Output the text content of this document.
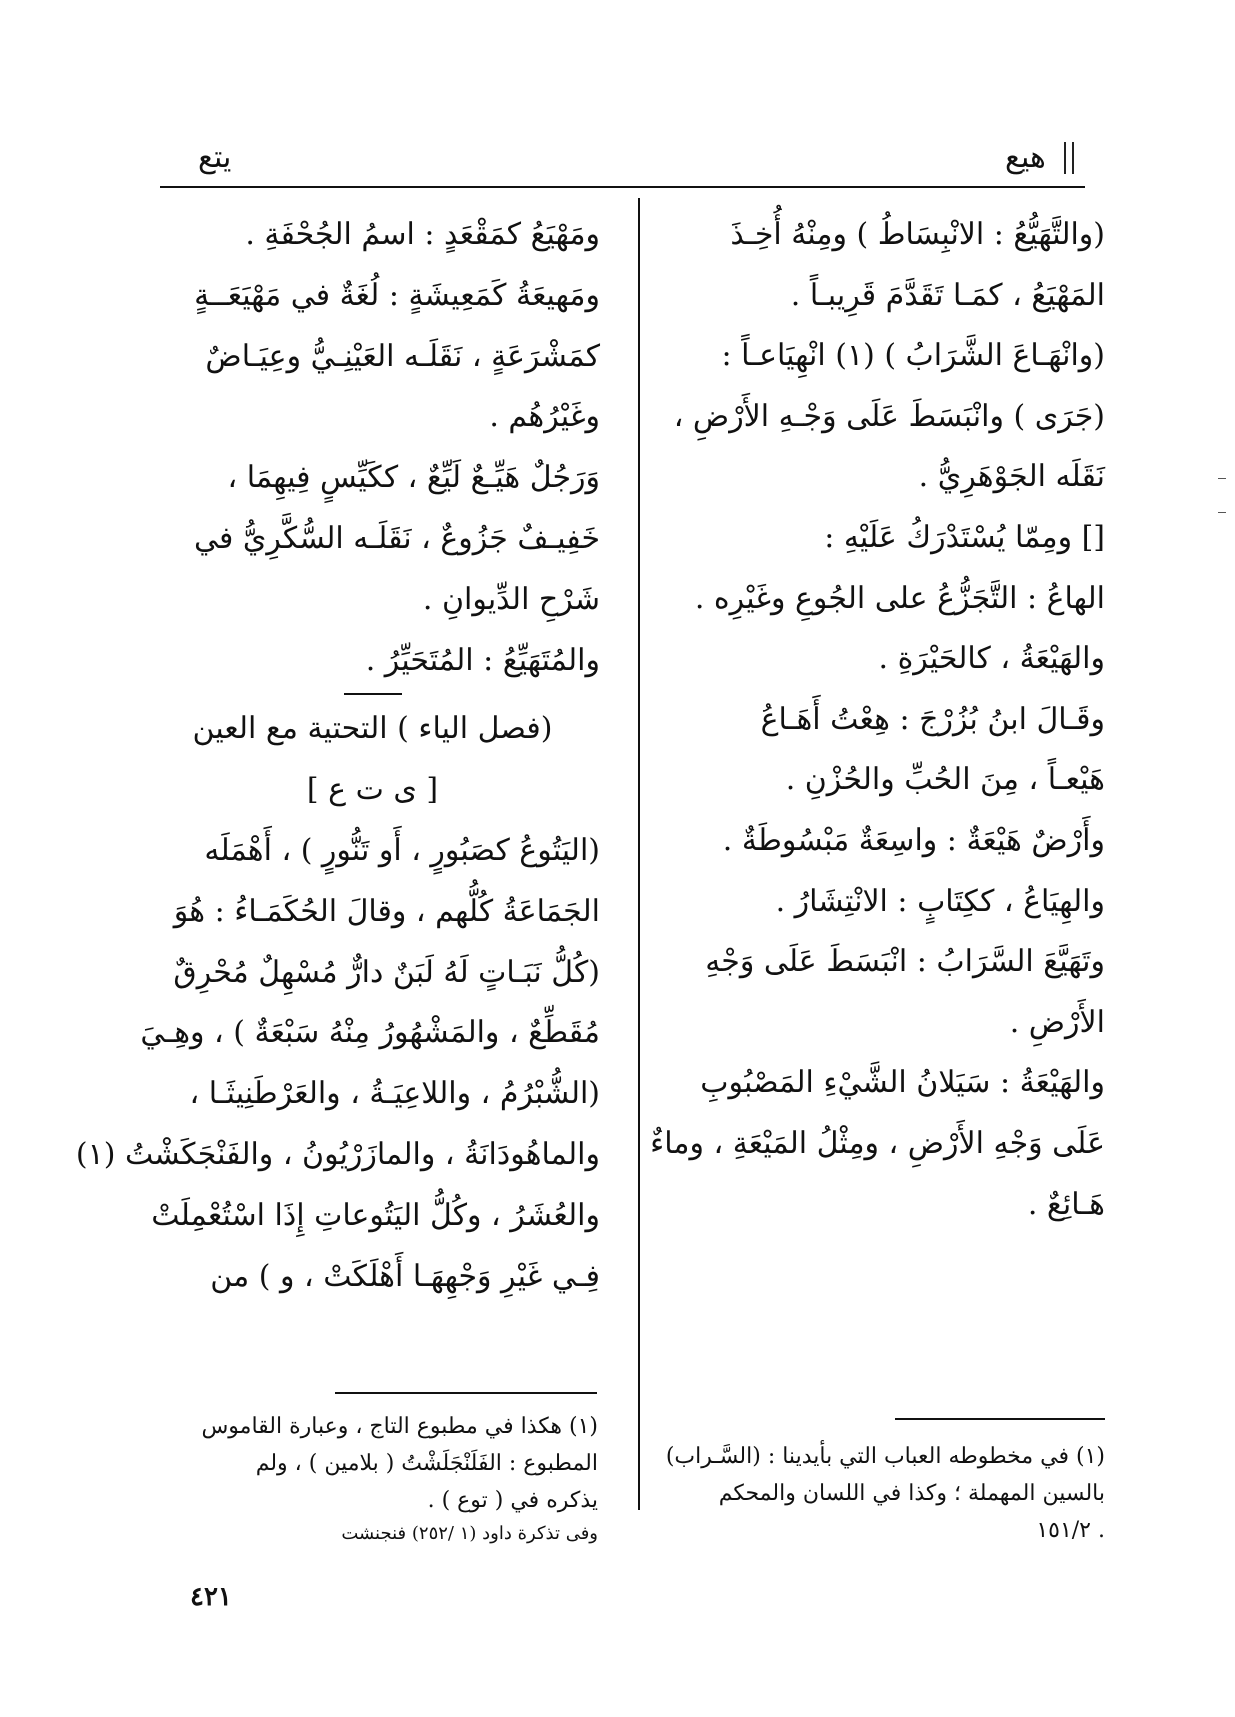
يتع	هيع
(والتَّهَيُّعُ : الانْبِسَاطُ ) ومِنْهُ أُخِـذَ
المَهْيَعُ ، كمَـا تَقَدَّمَ قَرِيبـاً .
(وانْهَـاعَ الشَّرَابُ ) (١) انْهِيَاعـاً :
(جَرَى ) وانْبَسَطَ عَلَى وَجْـهِ الأَرْضِ ،
نَقَلَه الجَوْهَرِيُّ .
[] ومِمّا يُسْتَدْرَكُ عَلَيْهِ :
الهاعُ : التَّجَزُّعُ على الجُوعِ وغَيْرِه .
والهَيْعَةُ ، كالحَيْرَةِ .
وقَـالَ ابنُ بُزُرْجَ : هِعْتُ أَهَـاعُ
هَيْعـاً ، مِنَ الحُبِّ والحُزْنِ .
وأَرْضٌ هَيْعَةٌ : واسِعَةٌ مَبْسُوطَةٌ .
والهِيَاعُ ، ككِتَابٍ : الانْتِشَارُ .
وتَهَيَّعَ السَّرَابُ : انْبَسَطَ عَلَى وَجْهِ
الأَرْضِ .
والهَيْعَةُ : سَيَلانُ الشَّيْءِ المَصْبُوبِ
عَلَى وَجْهِ الأَرْضِ ، ومِثْلُ المَيْعَةِ ، وماءٌ
هَـائِعٌ .
(١) في مخطوطه العباب التي بأيدينا : (السَّـراب)
بالسين المهملة ؛ وكذا في اللسان والمحكم
. ١٥١/٢
ومَهْيَعُ كمَقْعَدٍ : اسمُ الجُحْفَةِ .
ومَهيعَةُ كَمَعِيشَةٍ : لُغَةٌ في مَهْيَعَــةٍ
كمَشْرَعَةٍ ، نَقَلَـه العَيْنِـيُّ وعِيَـاضٌ
وغَيْرُهُم .
وَرَجُلٌ هَيِّـعٌ لَيِّعٌ ، ككَيِّسٍ فِيهِمَا ،
خَفِيـفٌ جَزُوعٌ ، نَقَلَـه السُّكَّرِيُّ في
شَرْحِ الدِّيوانِ .
والمُتَهَيِّعُ : المُتَحَيِّرُ .
(فصل الياء ) التحتية مع العين
[ ى ت ع ]
(اليَتُوعُ كصَبُورٍ ، أَو تَنُّورٍ ) ، أَهْمَلَه
الجَمَاعَةُ كُلُّهم ، وقالَ الحُكَمَـاءُ : هُوَ
(كُلُّ نَبَـاتٍ لَهُ لَبَنٌ دارٌّ مُسْهِلٌ مُحْرِقٌ
مُقَطِّعٌ ، والمَشْهُورُ مِنْهُ سَبْعَةٌ ) ، وهِـيَ
(الشُّبْرُمُ ، واللاعِيَـةُ ، والعَرْطَنِيثَـا ،
والماهُودَانَةُ ، والمازَرْيُونُ ، والفَنْجَكَشْتُ (١)
والعُشَرُ ، وكُلُّ اليَتُوعاتِ إِذَا اسْتُعْمِلَتْ
فِـي غَيْرِ وَجْهِهَـا أَهْلَكَتْ ، و ) من
(١) هكذا في مطبوع التاج ، وعبارة القاموس
المطبوع : الفَلَنْجَلَشْتُ ( بلامين ) ، ولم
يذكره في ( توع ) .
وفى تذكرة داود (١ /٢٥٢) فنجنشت
٤٢١
